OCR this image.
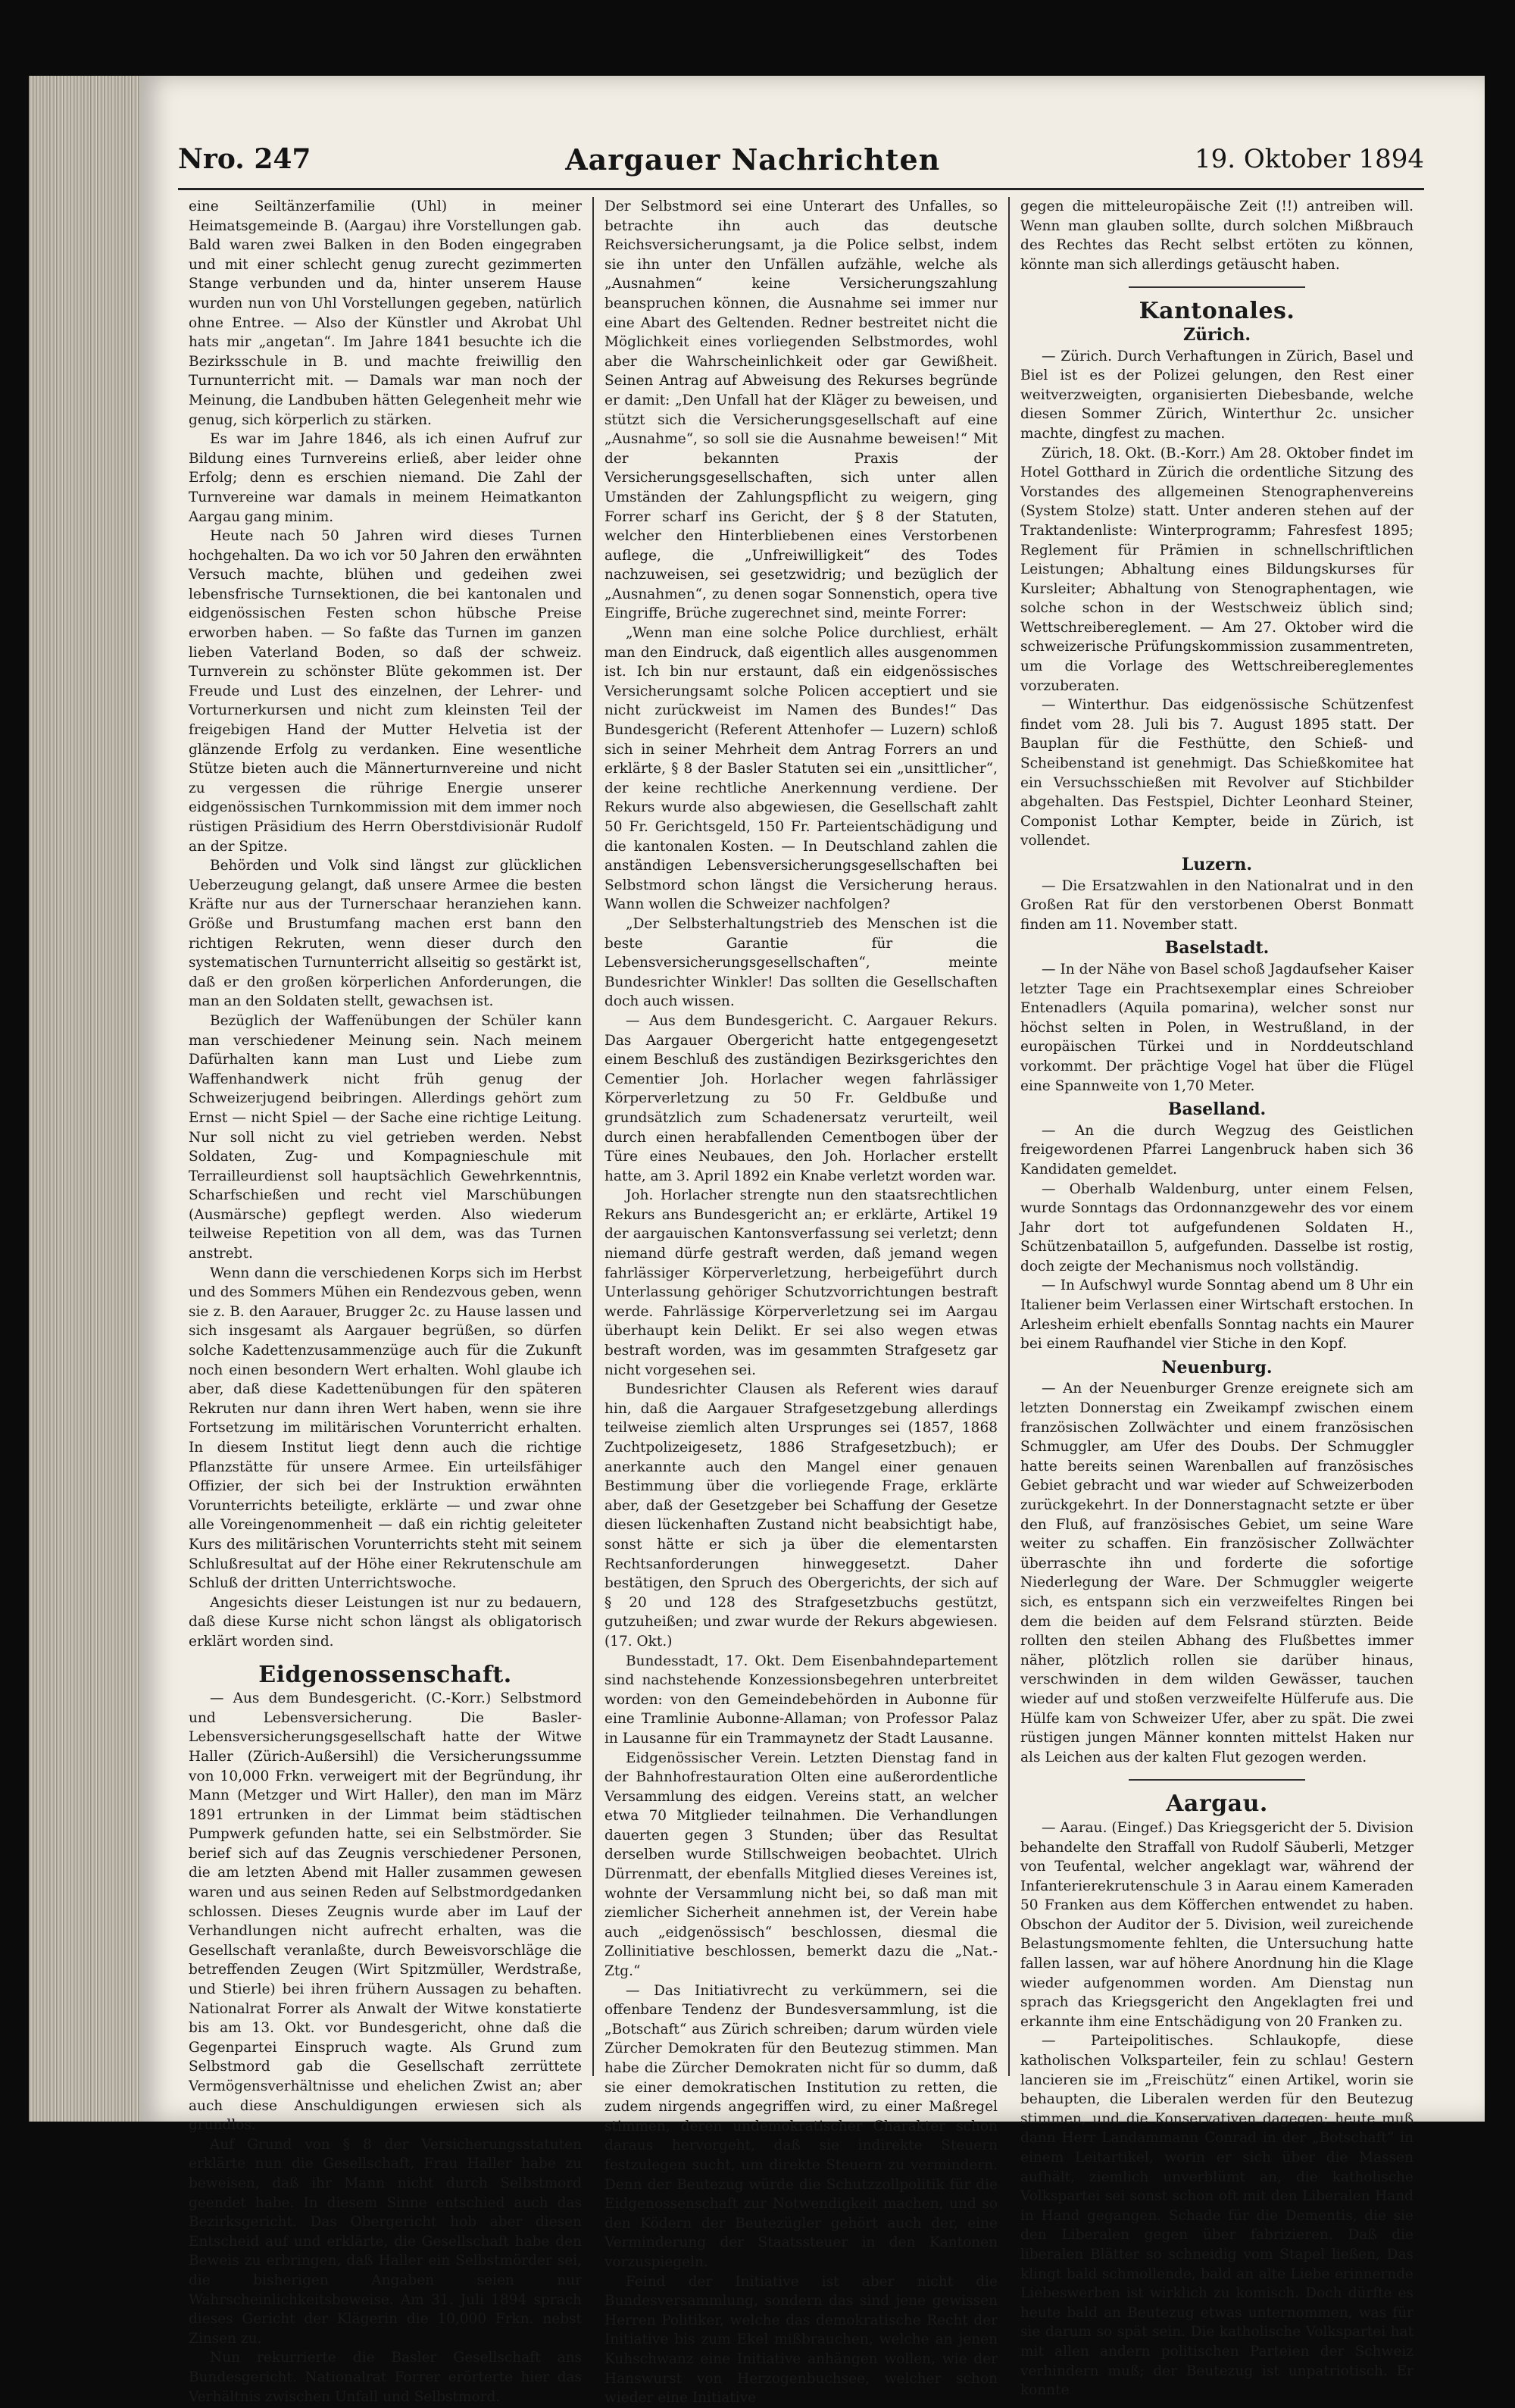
Nro. 247	Aargauer Nachrichten	19. Oktober 1894

eine Seiltänzerfamilie (Uhl) in meiner Heimatsgemeinde B. (Aargau) ihre Vorstellungen gab. Bald waren zwei Balken in den Boden eingegraben und mit einer schlecht genug zurecht gezimmerten Stange verbunden und da, hinter unserem Hause wurden nun von Uhl Vorstellungen gegeben, natürlich ohne Entree. — Also der Künstler und Akrobat Uhl hats mir „angetan“. Im Jahre 1841 besuchte ich die Bezirksschule in B. und machte freiwillig den Turnunterricht mit. — Damals war man noch der Meinung, die Landbuben hätten Gelegenheit mehr wie genug, sich körperlich zu stärken.

Es war im Jahre 1846, als ich einen Aufruf zur Bildung eines Turnvereins erließ, aber leider ohne Erfolg; denn es erschien niemand. Die Zahl der Turnvereine war damals in meinem Heimatkanton Aargau gang minim.

Heute nach 50 Jahren wird dieses Turnen hochgehalten. Da wo ich vor 50 Jahren den erwähnten Versuch machte, blühen und gedeihen zwei lebensfrische Turnsektionen, die bei kantonalen und eidgenössischen Festen schon hübsche Preise erworben haben. — So faßte das Turnen im ganzen lieben Vaterland Boden, so daß der schweiz. Turnverein zu schönster Blüte gekommen ist. Der Freude und Lust des einzelnen, der Lehrer- und Vorturnerkursen und nicht zum kleinsten Teil der freigebigen Hand der Mutter Helvetia ist der glänzende Erfolg zu verdanken. Eine wesentliche Stütze bieten auch die Männerturnvereine und nicht zu vergessen die rührige Energie unserer eidgenössischen Turnkommission mit dem immer noch rüstigen Präsidium des Herrn Oberstdivisionär Rudolf an der Spitze.

Behörden und Volk sind längst zur glücklichen Ueberzeugung gelangt, daß unsere Armee die besten Kräfte nur aus der Turnerschaar heranziehen kann. Größe und Brustumfang machen erst bann den richtigen Rekruten, wenn dieser durch den systematischen Turnunterricht allseitig so gestärkt ist, daß er den großen körperlichen Anforderungen, die man an den Soldaten stellt, gewachsen ist.

Bezüglich der Waffenübungen der Schüler kann man verschiedener Meinung sein. Nach meinem Dafürhalten kann man Lust und Liebe zum Waffenhandwerk nicht früh genug der Schweizerjugend beibringen. Allerdings gehört zum Ernst — nicht Spiel — der Sache eine richtige Leitung. Nur soll nicht zu viel getrieben werden. Nebst Soldaten, Zug- und Kompagnieschule mit Terrailleurdienst soll hauptsächlich Gewehrkenntnis, Scharfschießen und recht viel Marschübungen (Ausmärsche) gepflegt werden. Also wiederum teilweise Repetition von all dem, was das Turnen anstrebt.

Wenn dann die verschiedenen Korps sich im Herbst und des Sommers Mühen ein Rendezvous geben, wenn sie z. B. den Aarauer, Brugger 2c. zu Hause lassen und sich insgesamt als Aargauer begrüßen, so dürfen solche Kadettenzusammenzüge auch für die Zukunft noch einen besondern Wert erhalten. Wohl glaube ich aber, daß diese Kadettenübungen für den späteren Rekruten nur dann ihren Wert haben, wenn sie ihre Fortsetzung im militärischen Vorunterricht erhalten. In diesem Institut liegt denn auch die richtige Pflanzstätte für unsere Armee. Ein urteilsfähiger Offizier, der sich bei der Instruktion erwähnten Vorunterrichts beteiligte, erklärte — und zwar ohne alle Voreingenommenheit — daß ein richtig geleiteter Kurs des militärischen Vorunterrichts steht mit seinem Schlußresultat auf der Höhe einer Rekrutenschule am Schluß der dritten Unterrichtswoche.

Angesichts dieser Leistungen ist nur zu bedauern, daß diese Kurse nicht schon längst als obligatorisch erklärt worden sind.

Eidgenossenschaft.

— Aus dem Bundesgericht. (C.-Korr.) Selbstmord und Lebensversicherung. Die Basler-Lebensversicherungsgesellschaft hatte der Witwe Haller (Zürich-Außersihl) die Versicherungssumme von 10,000 Frkn. verweigert mit der Begründung, ihr Mann (Metzger und Wirt Haller), den man im März 1891 ertrunken in der Limmat beim städtischen Pumpwerk gefunden hatte, sei ein Selbstmörder. Sie berief sich auf das Zeugnis verschiedener Personen, die am letzten Abend mit Haller zusammen gewesen waren und aus seinen Reden auf Selbstmordgedanken schlossen. Dieses Zeugnis wurde aber im Lauf der Verhandlungen nicht aufrecht erhalten, was die Gesellschaft veranlaßte, durch Beweisvorschläge die betreffenden Zeugen (Wirt Spitzmüller, Werdstraße, und Stierle) bei ihren frühern Aussagen zu behaften. Nationalrat Forrer als Anwalt der Witwe konstatierte bis am 13. Okt. vor Bundesgericht, ohne daß die Gegenpartei Einspruch wagte. Als Grund zum Selbstmord gab die Gesellschaft zerrüttete Vermögensverhältnisse und ehelichen Zwist an; aber auch diese Anschuldigungen erwiesen sich als grundlos.

Auf Grund von § 8 der Versicherungsstatuten erklärte nun die Gesellschaft, Frau Haller habe zu beweisen, daß ihr Mann nicht durch Selbstmord geendet habe. In diesem Sinne entschied auch das Bezirksgericht. Das Obergericht hob aber diesen Entscheid auf und erklärte, die Gesellschaft habe den Beweis zu erbringen, daß Haller ein Selbstmörder sei, die bisherigen Angaben seien nur Wahrscheinlichkeitsbeweise. Am 31. Juli 1894 sprach dieses Gericht der Klägerin die 10,000 Frkn. nebst Zinsen zu.

Nun rekurrierte die Basler Gesellschaft ans Bundesgericht. Nationalrat Forrer erörterte hier das Verhältnis zwischen Unfall und Selbstmord.

Der Selbstmord sei eine Unterart des Unfalles, so betrachte ihn auch das deutsche Reichsversicherungsamt, ja die Police selbst, indem sie ihn unter den Unfällen aufzähle, welche als „Ausnahmen“ keine Versicherungszahlung beanspruchen können, die Ausnahme sei immer nur eine Abart des Geltenden. Redner bestreitet nicht die Möglichkeit eines vorliegenden Selbstmordes, wohl aber die Wahrscheinlichkeit oder gar Gewißheit. Seinen Antrag auf Abweisung des Rekurses begründe er damit: „Den Unfall hat der Kläger zu beweisen, und stützt sich die Versicherungsgesellschaft auf eine „Ausnahme“, so soll sie die Ausnahme beweisen!“ Mit der bekannten Praxis der Versicherungsgesellschaften, sich unter allen Umständen der Zahlungspflicht zu weigern, ging Forrer scharf ins Gericht, der § 8 der Statuten, welcher den Hinterbliebenen eines Verstorbenen auflege, die „Unfreiwilligkeit“ des Todes nachzuweisen, sei gesetzwidrig; und bezüglich der „Ausnahmen“, zu denen sogar Sonnenstich, opera tive Eingriffe, Brüche zugerechnet sind, meinte Forrer:

„Wenn man eine solche Police durchliest, erhält man den Eindruck, daß eigentlich alles ausgenommen ist. Ich bin nur erstaunt, daß ein eidgenössisches Versicherungsamt solche Policen acceptiert und sie nicht zurückweist im Namen des Bundes!“ Das Bundesgericht (Referent Attenhofer — Luzern) schloß sich in seiner Mehrheit dem Antrag Forrers an und erklärte, § 8 der Basler Statuten sei ein „unsittlicher“, der keine rechtliche Anerkennung verdiene. Der Rekurs wurde also abgewiesen, die Gesellschaft zahlt 50 Fr. Gerichtsgeld, 150 Fr. Parteientschädigung und die kantonalen Kosten. — In Deutschland zahlen die anständigen Lebensversicherungsgesellschaften bei Selbstmord schon längst die Versicherung heraus. Wann wollen die Schweizer nachfolgen?

„Der Selbsterhaltungstrieb des Menschen ist die beste Garantie für die Lebensversicherungsgesellschaften“, meinte Bundesrichter Winkler! Das sollten die Gesellschaften doch auch wissen.

— Aus dem Bundesgericht. C. Aargauer Rekurs. Das Aargauer Obergericht hatte entgegengesetzt einem Beschluß des zuständigen Bezirksgerichtes den Cementier Joh. Horlacher wegen fahrlässiger Körperverletzung zu 50 Fr. Geldbuße und grundsätzlich zum Schadenersatz verurteilt, weil durch einen herabfallenden Cementbogen über der Türe eines Neubaues, den Joh. Horlacher erstellt hatte, am 3. April 1892 ein Knabe verletzt worden war.

Joh. Horlacher strengte nun den staatsrechtlichen Rekurs ans Bundesgericht an; er erklärte, Artikel 19 der aargauischen Kantonsverfassung sei verletzt; denn niemand dürfe gestraft werden, daß jemand wegen fahrlässiger Körperverletzung, herbeigeführt durch Unterlassung gehöriger Schutzvorrichtungen bestraft werde. Fahrlässige Körperverletzung sei im Aargau überhaupt kein Delikt. Er sei also wegen etwas bestraft worden, was im gesammten Strafgesetz gar nicht vorgesehen sei.

Bundesrichter Clausen als Referent wies darauf hin, daß die Aargauer Strafgesetzgebung allerdings teilweise ziemlich alten Ursprunges sei (1857, 1868 Zuchtpolizeigesetz, 1886 Strafgesetzbuch); er anerkannte auch den Mangel einer genauen Bestimmung über die vorliegende Frage, erklärte aber, daß der Gesetzgeber bei Schaffung der Gesetze diesen lückenhaften Zustand nicht beabsichtigt habe, sonst hätte er sich ja über die elementarsten Rechtsanforderungen hinweggesetzt. Daher bestätigen, den Spruch des Obergerichts, der sich auf § 20 und 128 des Strafgesetzbuchs gestützt, gutzuheißen; und zwar wurde der Rekurs abgewiesen. (17. Okt.)

Bundesstadt, 17. Okt. Dem Eisenbahndepartement sind nachstehende Konzessionsbegehren unterbreitet worden: von den Gemeindebehörden in Aubonne für eine Tramlinie Aubonne-Allaman; von Professor Palaz in Lausanne für ein Trammaynetz der Stadt Lausanne.

Eidgenössischer Verein. Letzten Dienstag fand in der Bahnhofrestauration Olten eine außerordentliche Versammlung des eidgen. Vereins statt, an welcher etwa 70 Mitglieder teilnahmen. Die Verhandlungen dauerten gegen 3 Stunden; über das Resultat derselben wurde Stillschweigen beobachtet. Ulrich Dürrenmatt, der ebenfalls Mitglied dieses Vereines ist, wohnte der Versammlung nicht bei, so daß man mit ziemlicher Sicherheit annehmen ist, der Verein habe auch „eidgenössisch“ beschlossen, diesmal die Zollinitiative beschlossen, bemerkt dazu die „Nat.-Ztg.“

— Das Initiativrecht zu verkümmern, sei die offenbare Tendenz der Bundesversammlung, ist die „Botschaft“ aus Zürich schreiben; darum würden viele Zürcher Demokraten für den Beutezug stimmen. Man habe die Zürcher Demokraten nicht für so dumm, daß sie einer demokratischen Institution zu retten, die zudem nirgends angegriffen wird, zu einer Maßregel stimmen, deren undemokratischer Charakter schon daraus hervorgeht, daß sie indirekte Steuern festzulegen sucht, um direkte Steuern zu vermindern. Denn der Beutezug würde die Schutzzollpolitik für die Eidgenossenschaft zur Notwendigkeit machen, und so den Ködern der Beutezügler gehört auch der, eine Verminderung der Staatssteuer in den Kantonen vorzuspiegeln.

Feind der Initiative ist aber nicht die Bundesversammlung, sondern das sind jene gewissen Herren Politiker, welche das demokratische Recht der Initiative bis zum Ekel mißbrauchen, welche an jenen Kuhschwanz eine Initiative anhängen wollen, wie der Hanswurst von Herzogenbuchsee, welcher schon wieder eine Initiative

gegen die mitteleuropäische Zeit (!!) antreiben will. Wenn man glauben sollte, durch solchen Mißbrauch des Rechtes das Recht selbst ertöten zu können, könnte man sich allerdings getäuscht haben.

Kantonales.
Zürich.

— Zürich. Durch Verhaftungen in Zürich, Basel und Biel ist es der Polizei gelungen, den Rest einer weitverzweigten, organisierten Diebesbande, welche diesen Sommer Zürich, Winterthur 2c. unsicher machte, dingfest zu machen.

Zürich, 18. Okt. (B.-Korr.) Am 28. Oktober findet im Hotel Gotthard in Zürich die ordentliche Sitzung des Vorstandes des allgemeinen Stenographenvereins (System Stolze) statt. Unter anderen stehen auf der Traktandenliste: Winterprogramm; Fahresfest 1895; Reglement für Prämien in schnellschriftlichen Leistungen; Abhaltung eines Bildungskurses für Kursleiter; Abhaltung von Stenographentagen, wie solche schon in der Westschweiz üblich sind; Wettschreibereglement. — Am 27. Oktober wird die schweizerische Prüfungskommission zusammentreten, um die Vorlage des Wettschreibereglementes vorzuberaten.

— Winterthur. Das eidgenössische Schützenfest findet vom 28. Juli bis 7. August 1895 statt. Der Bauplan für die Festhütte, den Schieß- und Scheibenstand ist genehmigt. Das Schießkomitee hat ein Versuchsschießen mit Revolver auf Stichbilder abgehalten. Das Festspiel, Dichter Leonhard Steiner, Componist Lothar Kempter, beide in Zürich, ist vollendet.

Luzern.

— Die Ersatzwahlen in den Nationalrat und in den Großen Rat für den verstorbenen Oberst Bonmatt finden am 11. November statt.

Baselstadt.

— In der Nähe von Basel schoß Jagdaufseher Kaiser letzter Tage ein Prachtsexemplar eines Schreiober Entenadlers (Aquila pomarina), welcher sonst nur höchst selten in Polen, in Westrußland, in der europäischen Türkei und in Norddeutschland vorkommt. Der prächtige Vogel hat über die Flügel eine Spannweite von 1,70 Meter.

Baselland.

— An die durch Wegzug des Geistlichen freigewordenen Pfarrei Langenbruck haben sich 36 Kandidaten gemeldet.

— Oberhalb Waldenburg, unter einem Felsen, wurde Sonntags das Ordonnanzgewehr des vor einem Jahr dort tot aufgefundenen Soldaten H., Schützenbataillon 5, aufgefunden. Dasselbe ist rostig, doch zeigte der Mechanismus noch vollständig.

— In Aufschwyl wurde Sonntag abend um 8 Uhr ein Italiener beim Verlassen einer Wirtschaft erstochen. In Arlesheim erhielt ebenfalls Sonntag nachts ein Maurer bei einem Raufhandel vier Stiche in den Kopf.

Neuenburg.

— An der Neuenburger Grenze ereignete sich am letzten Donnerstag ein Zweikampf zwischen einem französischen Zollwächter und einem französischen Schmuggler, am Ufer des Doubs. Der Schmuggler hatte bereits seinen Warenballen auf französisches Gebiet gebracht und war wieder auf Schweizerboden zurückgekehrt. In der Donnerstagnacht setzte er über den Fluß, auf französisches Gebiet, um seine Ware weiter zu schaffen. Ein französischer Zollwächter überraschte ihn und forderte die sofortige Niederlegung der Ware. Der Schmuggler weigerte sich, es entspann sich ein verzweifeltes Ringen bei dem die beiden auf dem Felsrand stürzten. Beide rollten den steilen Abhang des Flußbettes immer näher, plötzlich rollen sie darüber hinaus, verschwinden in dem wilden Gewässer, tauchen wieder auf und stoßen verzweifelte Hülferufe aus. Die Hülfe kam von Schweizer Ufer, aber zu spät. Die zwei rüstigen jungen Männer konnten mittelst Haken nur als Leichen aus der kalten Flut gezogen werden.

Aargau.

— Aarau. (Eingef.) Das Kriegsgericht der 5. Division behandelte den Straffall von Rudolf Säuberli, Metzger von Teufental, welcher angeklagt war, während der Infanterierekrutenschule 3 in Aarau einem Kameraden 50 Franken aus dem Köfferchen entwendet zu haben. Obschon der Auditor der 5. Division, weil zureichende Belastungsmomente fehlten, die Untersuchung hatte fallen lassen, war auf höhere Anordnung hin die Klage wieder aufgenommen worden. Am Dienstag nun sprach das Kriegsgericht den Angeklagten frei und erkannte ihm eine Entschädigung von 20 Franken zu.

— Parteipolitisches. Schlaukopfe, diese katholischen Volksparteiler, fein zu schlau! Gestern lancieren sie im „Freischütz“ einen Artikel, worin sie behaupten, die Liberalen werden für den Beutezug stimmen, und die Konservativen dagegen; heute muß dann Herr Landammann Conrad in der „Botschaft“ in einem Leitartikel, worin er sich über die Massen aufhält, ziemlich unverblümt an, die katholische Volkspartei sei sonst schon oft mit den Liberalen Hand in Hand gegangen. Schade für die Dementis, die sie den Liberalen gegen über fabrizieren. Daß die liberalen Blätter so schneidig vom Stapel ließen, Das klingt bald schmollende, bald an alte Liebe erinnernde Liebeswerben ist wirklich zu komisch. Doch dürfte es heute bald an Beutezug etwas unternommen, was für sie darum so spät sein. Die katholische Volkspartei hat mit allen andern politischen Parteien der Schweiz verhindern muß; der Beutezug ist unpatriotisch. Er konnte
